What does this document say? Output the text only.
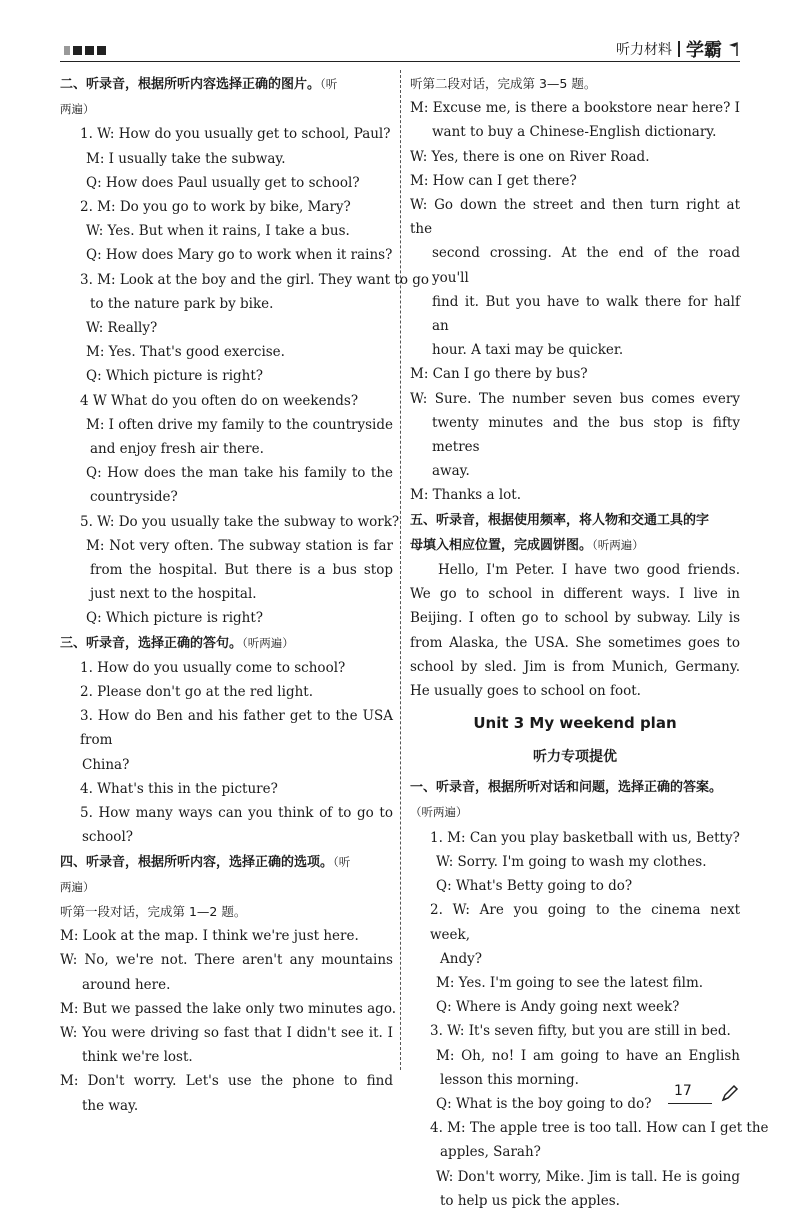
听力材料 学霸
二、听录音，根据所听内容选择正确的图片。（听
两遍）
1. W: How do you usually get to school, Paul?
M: I usually take the subway.
Q: How does Paul usually get to school?
2. M: Do you go to work by bike, Mary?
W: Yes. But when it rains, I take a bus.
Q: How does Mary go to work when it rains?
3. M: Look at the boy and the girl. They want to go
to the nature park by bike.
W: Really?
M: Yes. That's good exercise.
Q: Which picture is right?
4 W What do you often do on weekends?
M: I often drive my family to the countryside
and enjoy fresh air there.
Q: How does the man take his family to the
countryside?
5. W: Do you usually take the subway to work?
M: Not very often. The subway station is far
from the hospital. But there is a bus stop
just next to the hospital.
Q: Which picture is right?
三、听录音，选择正确的答句。（听两遍）
1. How do you usually come to school?
2. Please don't go at the red light.
3. How do Ben and his father get to the USA from
China?
4. What's this in the picture?
5. How many ways can you think of to go to
school?
四、听录音，根据所听内容，选择正确的选项。（听
两遍）
听第一段对话，完成第 1—2 题。
M: Look at the map. I think we're just here.
W: No, we're not. There aren't any mountains
around here.
M: But we passed the lake only two minutes ago.
W: You were driving so fast that I didn't see it. I
think we're lost.
M: Don't worry. Let's use the phone to find
the way.
听第二段对话，完成第 3—5 题。
M: Excuse me, is there a bookstore near here? I
want to buy a Chinese-English dictionary.
W: Yes, there is one on River Road.
M: How can I get there?
W: Go down the street and then turn right at the
second crossing. At the end of the road you'll
find it. But you have to walk there for half an
hour. A taxi may be quicker.
M: Can I go there by bus?
W: Sure. The number seven bus comes every
twenty minutes and the bus stop is fifty metres
away.
M: Thanks a lot.
五、听录音，根据使用频率，将人物和交通工具的字
母填入相应位置，完成圆饼图。（听两遍）
Hello, I'm Peter. I have two good friends. We go to school in different ways. I live in Beijing. I often go to school by subway. Lily is from Alaska, the USA. She sometimes goes to school by sled. Jim is from Munich, Germany. He usually goes to school on foot.
Unit 3 My weekend plan
听力专项提优
一、听录音，根据所听对话和问题，选择正确的答案。
（听两遍）
1. M: Can you play basketball with us, Betty?
W: Sorry. I'm going to wash my clothes.
Q: What's Betty going to do?
2. W: Are you going to the cinema next week,
Andy?
M: Yes. I'm going to see the latest film.
Q: Where is Andy going next week?
3. W: It's seven fifty, but you are still in bed.
M: Oh, no! I am going to have an English
lesson this morning.
Q: What is the boy going to do?
4. M: The apple tree is too tall. How can I get the
apples, Sarah?
W: Don't worry, Mike. Jim is tall. He is going
to help us pick the apples.
17
